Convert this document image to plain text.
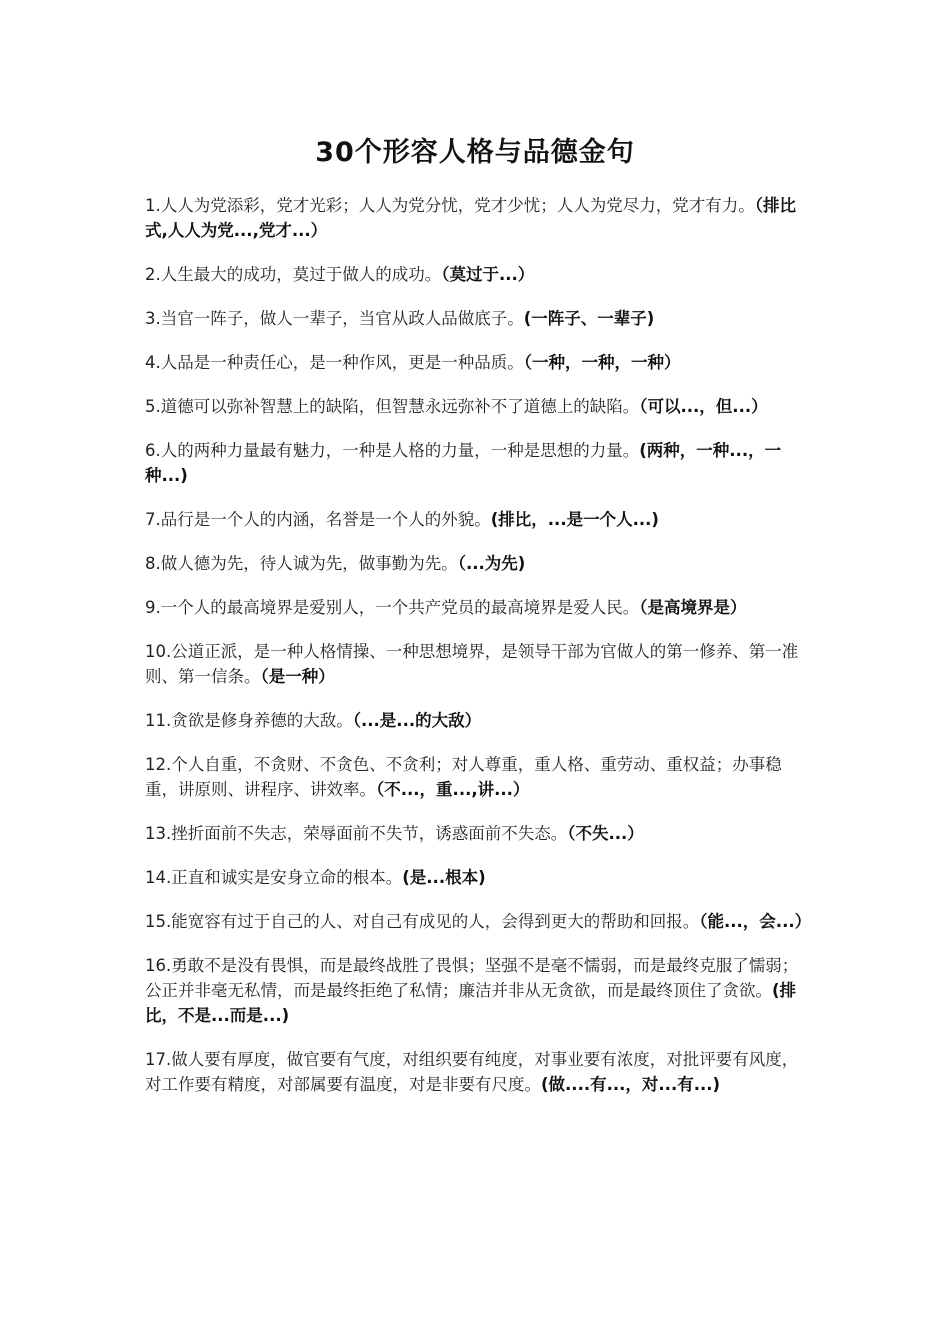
30个形容人格与品德金句

1.人人为党添彩，党才光彩；人人为党分忧，党才少忧；人人为党尽力，党才有力。（排比式,人人为党...,党才...）

2.人生最大的成功，莫过于做人的成功。（莫过于...）

3.当官一阵子，做人一辈子，当官从政人品做底子。(一阵子、一辈子)

4.人品是一种责任心，是一种作风，更是一种品质。（一种，一种，一种）

5.道德可以弥补智慧上的缺陷，但智慧永远弥补不了道德上的缺陷。（可以...，但...）

6.人的两种力量最有魅力，一种是人格的力量，一种是思想的力量。(两种，一种...，一种...)

7.品行是一个人的内涵，名誉是一个人的外貌。(排比，...是一个人...)

8.做人德为先，待人诚为先，做事勤为先。（...为先)

9.一个人的最高境界是爱别人，一个共产党员的最高境界是爱人民。（是高境界是）

10.公道正派，是一种人格情操、一种思想境界，是领导干部为官做人的第一修养、第一准则、第一信条。（是一种）

11.贪欲是修身养德的大敌。（...是...的大敌）

12.个人自重，不贪财、不贪色、不贪利；对人尊重，重人格、重劳动、重权益；办事稳重，讲原则、讲程序、讲效率。（不...，重...,讲...）

13.挫折面前不失志，荣辱面前不失节，诱惑面前不失态。（不失...）

14.正直和诚实是安身立命的根本。(是...根本)

15.能宽容有过于自己的人、对自己有成见的人，会得到更大的帮助和回报。（能...，会...）

16.勇敢不是没有畏惧，而是最终战胜了畏惧；坚强不是毫不懦弱，而是最终克服了懦弱；公正并非毫无私情，而是最终拒绝了私情；廉洁并非从无贪欲，而是最终顶住了贪欲。(排比，不是...而是...)

17.做人要有厚度，做官要有气度，对组织要有纯度，对事业要有浓度，对批评要有风度，对工作要有精度，对部属要有温度，对是非要有尺度。(做....有...，对...有...)
